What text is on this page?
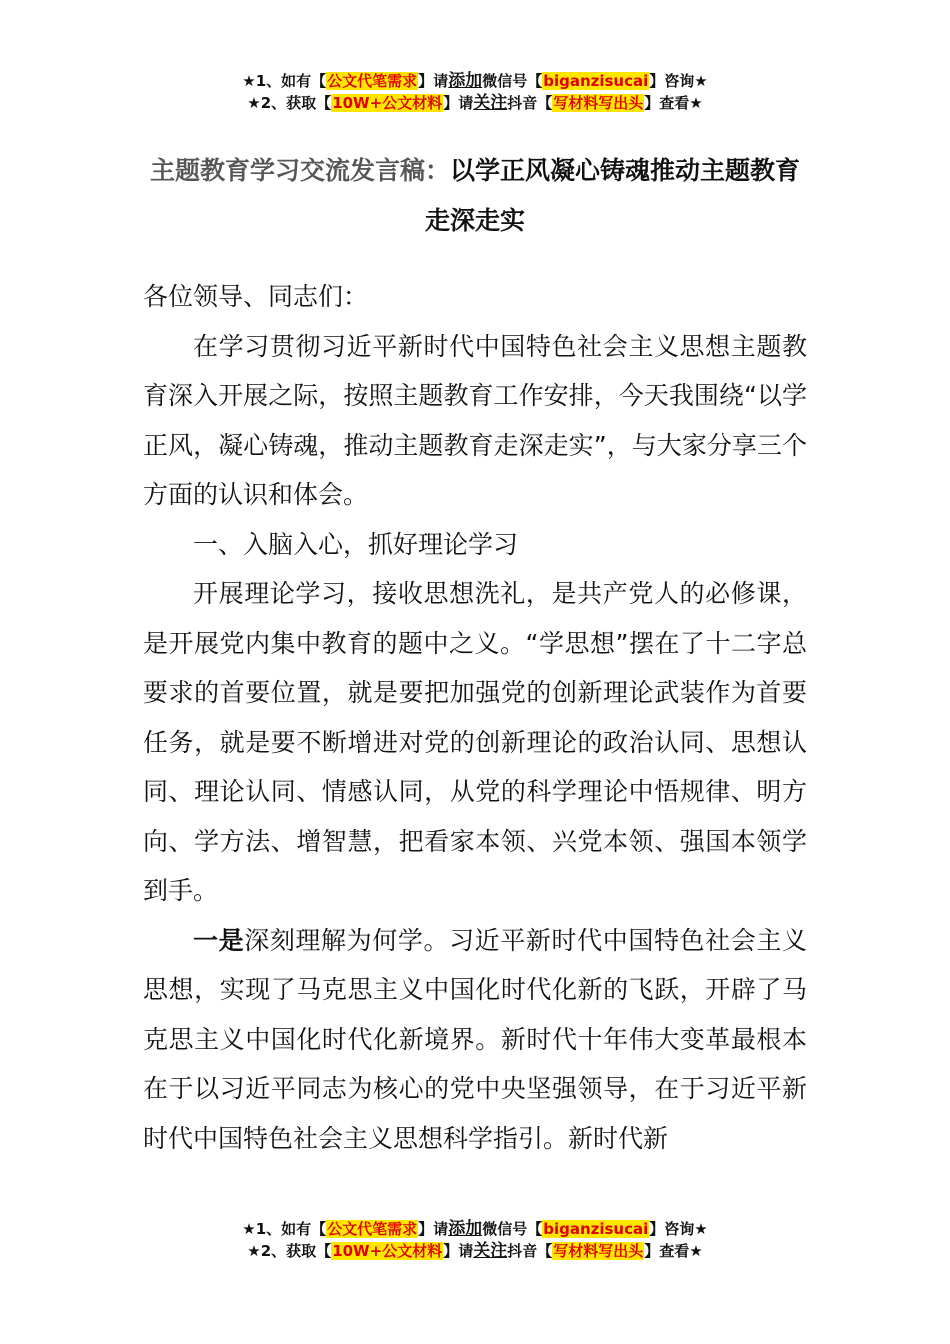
★1、如有【公文代笔需求】请添加微信号【biganzisucai】咨询★
★2、获取【10W+公文材料】请关注抖音【写材料写出头】查看★
主题教育学习交流发言稿：以学正风凝心铸魂推动主题教育走深走实

各位领导、同志们：

在学习贯彻习近平新时代中国特色社会主义思想主题教育深入开展之际，按照主题教育工作安排，今天我围绕“以学正风，凝心铸魂，推动主题教育走深走实”，与大家分享三个方面的认识和体会。

一、入脑入心，抓好理论学习

开展理论学习，接收思想洗礼，是共产党人的必修课，是开展党内集中教育的题中之义。“学思想”摆在了十二字总要求的首要位置，就是要把加强党的创新理论武装作为首要任务，就是要不断增进对党的创新理论的政治认同、思想认同、理论认同、情感认同，从党的科学理论中悟规律、明方向、学方法、增智慧，把看家本领、兴党本领、强国本领学到手。

一是深刻理解为何学。习近平新时代中国特色社会主义思想，实现了马克思主义中国化时代化新的飞跃，开辟了马克思主义中国化时代化新境界。新时代十年伟大变革最根本在于以习近平同志为核心的党中央坚强领导，在于习近平新时代中国特色社会主义思想科学指引。新时代新

★1、如有【公文代笔需求】请添加微信号【biganzisucai】咨询★
★2、获取【10W+公文材料】请关注抖音【写材料写出头】查看★
